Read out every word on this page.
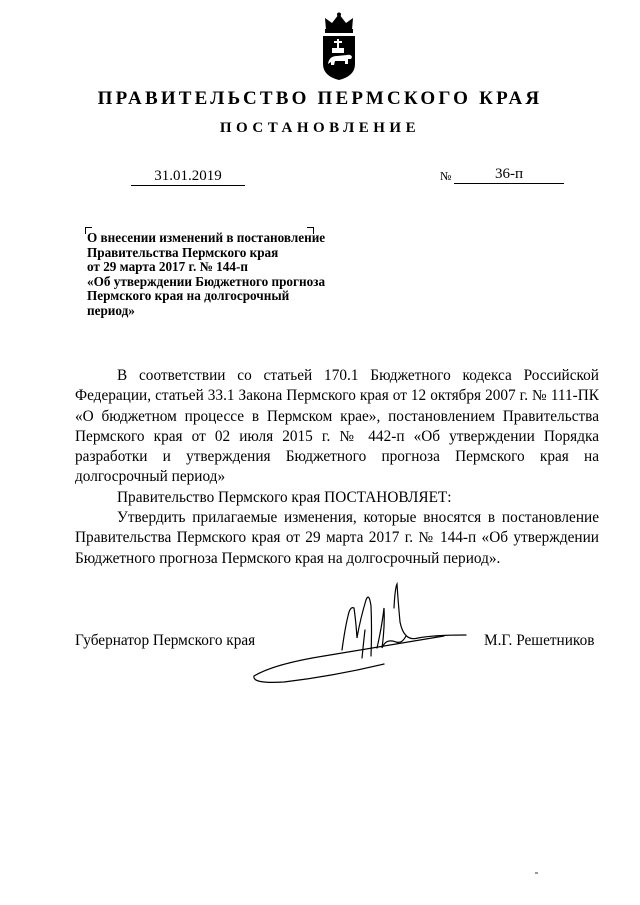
ПРАВИТЕЛЬСТВО ПЕРМСКОГО КРАЯ
ПОСТАНОВЛЕНИЕ
31.01.2019	№	36-п
О внесении изменений в постановление
Правительства Пермского края
от 29 марта 2017 г. № 144-п
«Об утверждении Бюджетного прогноза
Пермского края на долгосрочный
период»

В соответствии со статьей 170.1 Бюджетного кодекса Российской Федерации, статьей 33.1 Закона Пермского края от 12 октября 2007 г. № 111-ПК «О бюджетном процессе в Пермском крае», постановлением Правительства Пермского края от 02 июля 2015 г. № 442-п «Об утверждении Порядка разработки и утверждения Бюджетного прогноза Пермского края на долгосрочный период»

Правительство Пермского края ПОСТАНОВЛЯЕТ:

Утвердить прилагаемые изменения, которые вносятся в постановление Правительства Пермского края от 29 марта 2017 г. № 144-п «Об утверждении Бюджетного прогноза Пермского края на долгосрочный период».

Губернатор Пермского края	М.Г. Решетников
